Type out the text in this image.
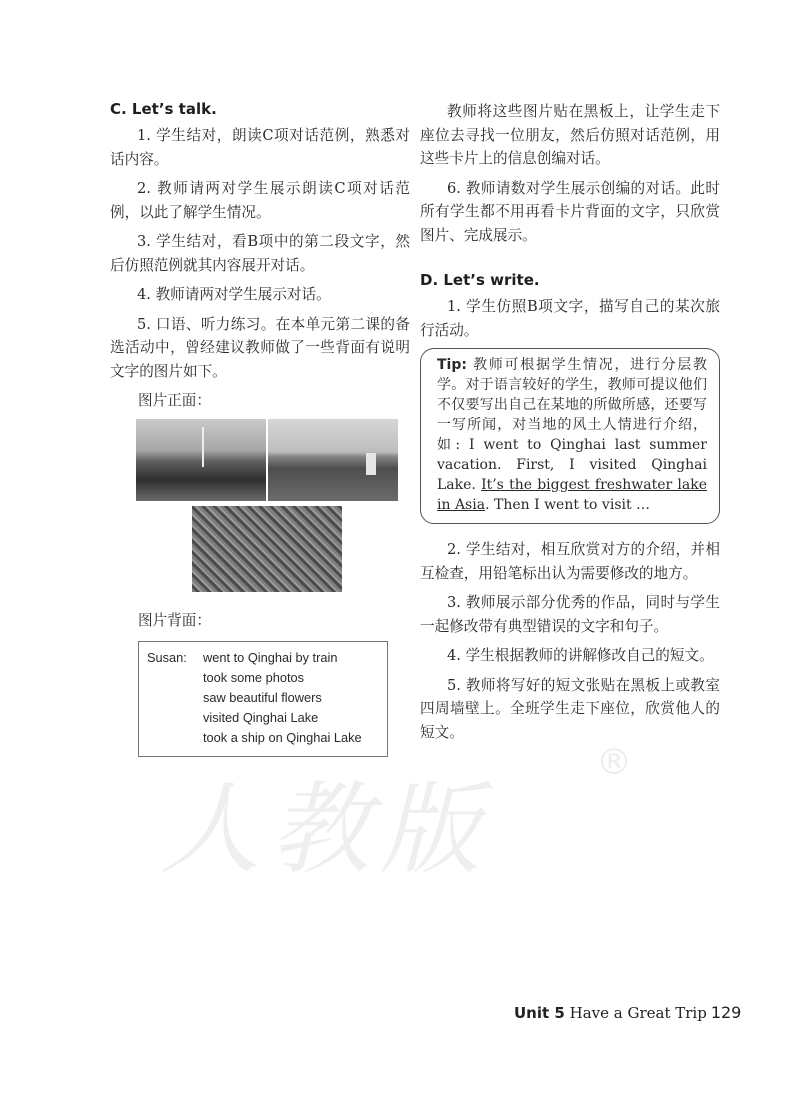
人教版
®
C. Let’s talk.

1. 学生结对，朗读C项对话范例，熟悉对话内容。

2. 教师请两对学生展示朗读C项对话范例，以此了解学生情况。

3. 学生结对，看B项中的第二段文字，然后仿照范例就其内容展开对话。

4. 教师请两对学生展示对话。

5. 口语、听力练习。在本单元第二课的备选活动中，曾经建议教师做了一些背面有说明文字的图片如下。

图片正面：
图片背面：
Susan:	went to Qinghai by train
took some photos
saw beautiful flowers
visited Qinghai Lake
took a ship on Qinghai Lake

教师将这些图片贴在黑板上，让学生走下座位去寻找一位朋友，然后仿照对话范例，用这些卡片上的信息创编对话。

6. 教师请数对学生展示创编的对话。此时所有学生都不用再看卡片背面的文字，只欣赏图片、完成展示。

D. Let’s write.

1. 学生仿照B项文字，描写自己的某次旅行活动。

Tip: 教师可根据学生情况，进行分层教学。对于语言较好的学生，教师可提议他们不仅要写出自己在某地的所做所感，还要写一写所闻，对当地的风土人情进行介绍，如: I went to Qinghai last summer vacation. First, I visited Qinghai Lake. It’s the biggest freshwater lake in Asia. Then I went to visit …

2. 学生结对，相互欣赏对方的介绍，并相互检查，用铅笔标出认为需要修改的地方。

3. 教师展示部分优秀的作品，同时与学生一起修改带有典型错误的文字和句子。

4. 学生根据教师的讲解修改自己的短文。

5. 教师将写好的短文张贴在黑板上或教室四周墙壁上。全班学生走下座位，欣赏他人的短文。

Unit 5 Have a Great Trip 129
